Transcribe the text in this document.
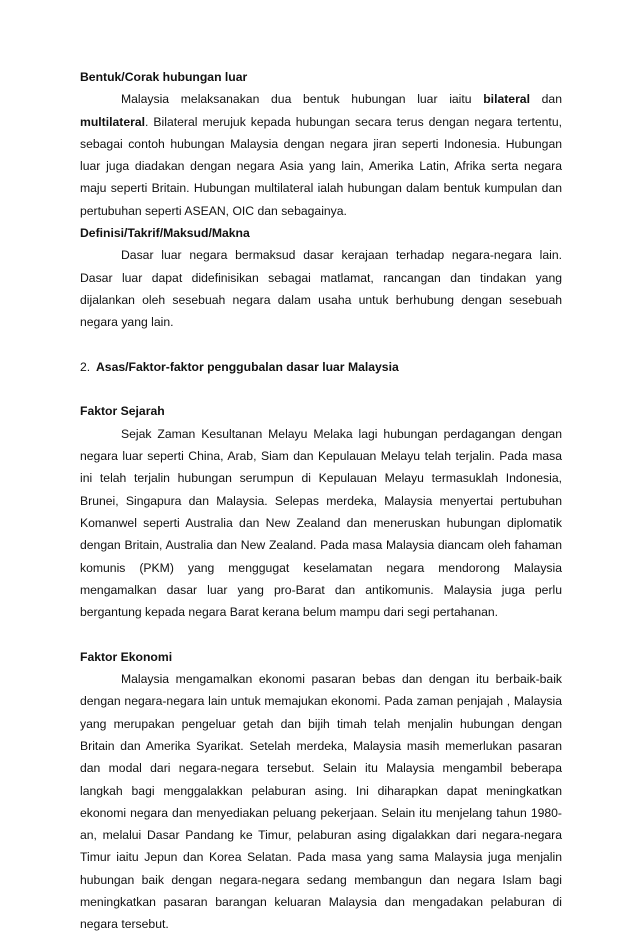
Bentuk/Corak hubungan luar

Malaysia melaksanakan dua bentuk hubungan luar iaitu bilateral dan multilateral. Bilateral merujuk kepada hubungan secara terus dengan negara tertentu, sebagai contoh hubungan Malaysia dengan negara jiran seperti Indonesia. Hubungan luar juga diadakan dengan negara Asia yang lain, Amerika Latin, Afrika serta negara maju seperti Britain. Hubungan multilateral ialah hubungan dalam bentuk kumpulan dan pertubuhan seperti ASEAN, OIC dan sebagainya.

Definisi/Takrif/Maksud/Makna

Dasar luar negara bermaksud dasar kerajaan terhadap negara-negara lain. Dasar luar dapat didefinisikan sebagai matlamat, rancangan dan tindakan yang dijalankan oleh sesebuah negara dalam usaha untuk berhubung dengan sesebuah negara yang lain.

2. Asas/Faktor-faktor penggubalan dasar luar Malaysia

Faktor Sejarah

Sejak Zaman Kesultanan Melayu Melaka lagi hubungan perdagangan dengan negara luar seperti China, Arab, Siam dan Kepulauan Melayu telah terjalin. Pada masa ini telah terjalin hubungan serumpun di Kepulauan Melayu termasuklah Indonesia, Brunei, Singapura dan Malaysia. Selepas merdeka, Malaysia menyertai pertubuhan Komanwel seperti Australia dan New Zealand dan meneruskan hubungan diplomatik dengan Britain, Australia dan New Zealand. Pada masa Malaysia diancam oleh fahaman komunis (PKM) yang menggugat keselamatan negara mendorong Malaysia mengamalkan dasar luar yang pro-Barat dan antikomunis. Malaysia juga perlu bergantung kepada negara Barat kerana belum mampu dari segi pertahanan.

Faktor Ekonomi

Malaysia mengamalkan ekonomi pasaran bebas dan dengan itu berbaik-baik dengan negara-negara lain untuk memajukan ekonomi. Pada zaman penjajah , Malaysia yang merupakan pengeluar getah dan bijih timah telah menjalin hubungan dengan Britain dan Amerika Syarikat. Setelah merdeka, Malaysia masih memerlukan pasaran dan modal dari negara-negara tersebut. Selain itu Malaysia mengambil beberapa langkah bagi menggalakkan pelaburan asing. Ini diharapkan dapat meningkatkan ekonomi negara dan menyediakan peluang pekerjaan. Selain itu menjelang tahun 1980-an, melalui Dasar Pandang ke Timur, pelaburan asing digalakkan dari negara-negara Timur iaitu Jepun dan Korea Selatan. Pada masa yang sama Malaysia juga menjalin hubungan baik dengan negara-negara sedang membangun dan negara Islam bagi meningkatkan pasaran barangan keluaran Malaysia dan mengadakan pelaburan di negara tersebut.
